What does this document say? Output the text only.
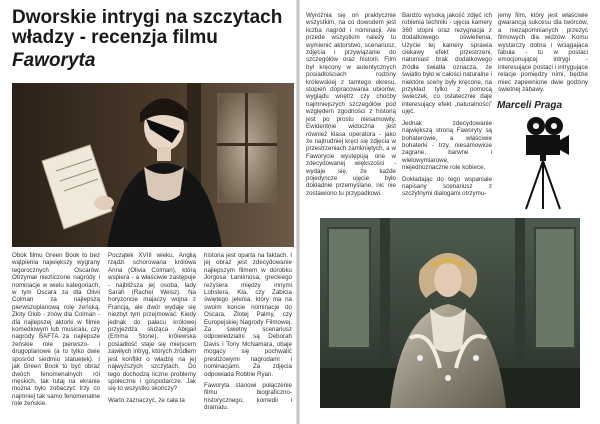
Dworskie intrygi na szczytach władzy - recenzja filmu
Faworyta

Obok filmu Green Book to bez wątpienia największy wygrany tegorocznych Oscarów. Otrzymał niezliczone nagrody i nominacje w wielu kategoriach, w tym Oscara za dla Olivii Colman za najlepszą pierwszoplanową rolę żeńską, Złoty Glob - znów dla Colman - dla najlepszej aktorki w filmie komediowym lub musicalu, czy nagrody BAFTA za najlepsze żeńskie role pierwszo- i drugoplanowe (a to tylko dwie spośród siedmiu statuetek). I jak Green Book to być obraz dwóch fenomenalnych ról męskich, tak tutaj na ekranie można było zobaczyć trzy co najmniej tak samo fenomenalne role żeńskie.

Początek XVIII wieku. Anglią rządzi schorowana królowa Anna (Olivia Colman), którą wspiera - a właściwie zastępuje - najbliższa jej osoba, lady Sarah (Rachel Weisz). Na horyzoncie majaczy wojna z Francją, ale dwór wydaje się niezbyt tym przejmować. Kiedy jednak do pałacu królowej przyjeżdża służąca Abigail (Emma Stone), królewska posiadłość staje się miejscem zawiłych intryg, których źródłem jest konflikt o władzę na jej najwyższych szczytach. Do tego dochodzą liczne problemy społeczne i gospodarcze. Jak się to wszystko skończy?

Warto zaznaczyć, że cała ta

historia jest oparta na faktach. I jej obraz jest zdecydowanie najlepszym filmem w dorobku Jorgosa Lantimosa, greckiego reżysera między innymi Lobstera, Kła, czy Zabicia świętego jelenia, który ma na swoim koncie nominacje do Oscara, Złotej Palmy, czy Europejskiej Nagrody Filmowej. Za świetny scenariusz odpowiedzialni są Deborah Davis i Tony McNamara, obaje mogący się pochwalić prestiżowymi nagrodami i nominacjami. Za zdjęcia odpowiada Robbie Ryan.

Faworyta stanowi połączenie filmu biograficzno-historycznego, komedii i dramatu.

Wyróżnia się on praktycznie wszystkim, na co dowodem jest liczba nagród i nominacji. Ale przede wszystkim należy tu wymienić aktorstwo, scenariusz, zdjęcia i przywiązanie do szczegółów oraz historii. Film był kręcony w autentycznych posiadłościach rodziny królewskiej z tamtego okresu, stopień dopracowania ubiorów, wyglądu wnętrz czy choćby najmniejszych szczegółów pod względem zgodności z historią jest po prostu niesamowity. Ewidentnie widoczna jest również klasa operatora - jako że najtrudniej kręci się zdjęcia w przestrzeniach zamkniętych, a w Faworycie występują one w zdecydowanej większości - wydaje się, że każde pojedyncze ujęcie było dokładnie przemyślane, nic nie zostawiono tu przypadkowi.

Bardzo wysoką jakość zdjęć ich robienia techniki - ujęcia kamery 360 stopni oraz rezygnacja z dodatkowego oświetlenia. Użycie tej kamery sprawia ciekawy efekt przestrzeni, natomiast brak dodatkowego źródła światła oznacza, że światło było w całości naturalne i niektóre sceny były kręcone, na przykład tylko z pomocą świeczek, co ostatecznie daje interesujący efekt „naturalności” ujęć.

Jednak zdecydowanie największą stroną Faworyty są bohaterowie, a właściwie bohaterki - trzy, niesamowicie zagrane, barwne i wielowymiarowe, niejednoznaczne role kobiece.

Dokładając do tego wspaniale napisany scenariusz z szczytnymi dialogami otrzymu-

jemy film, który jest właściwie gwarancją sukcesu dla twórców, a niezapomnianych przeżyć filmowych dla widzów. Komu wystarczy dobra i wciągająca fabuła - tu w postaci emocjonującej intrygi - interesujące postaci i intrygujące relacje pomiędzy nimi, będzie mieć zapewnione dwie godziny świetnej zabawy.

Marceli Praga
